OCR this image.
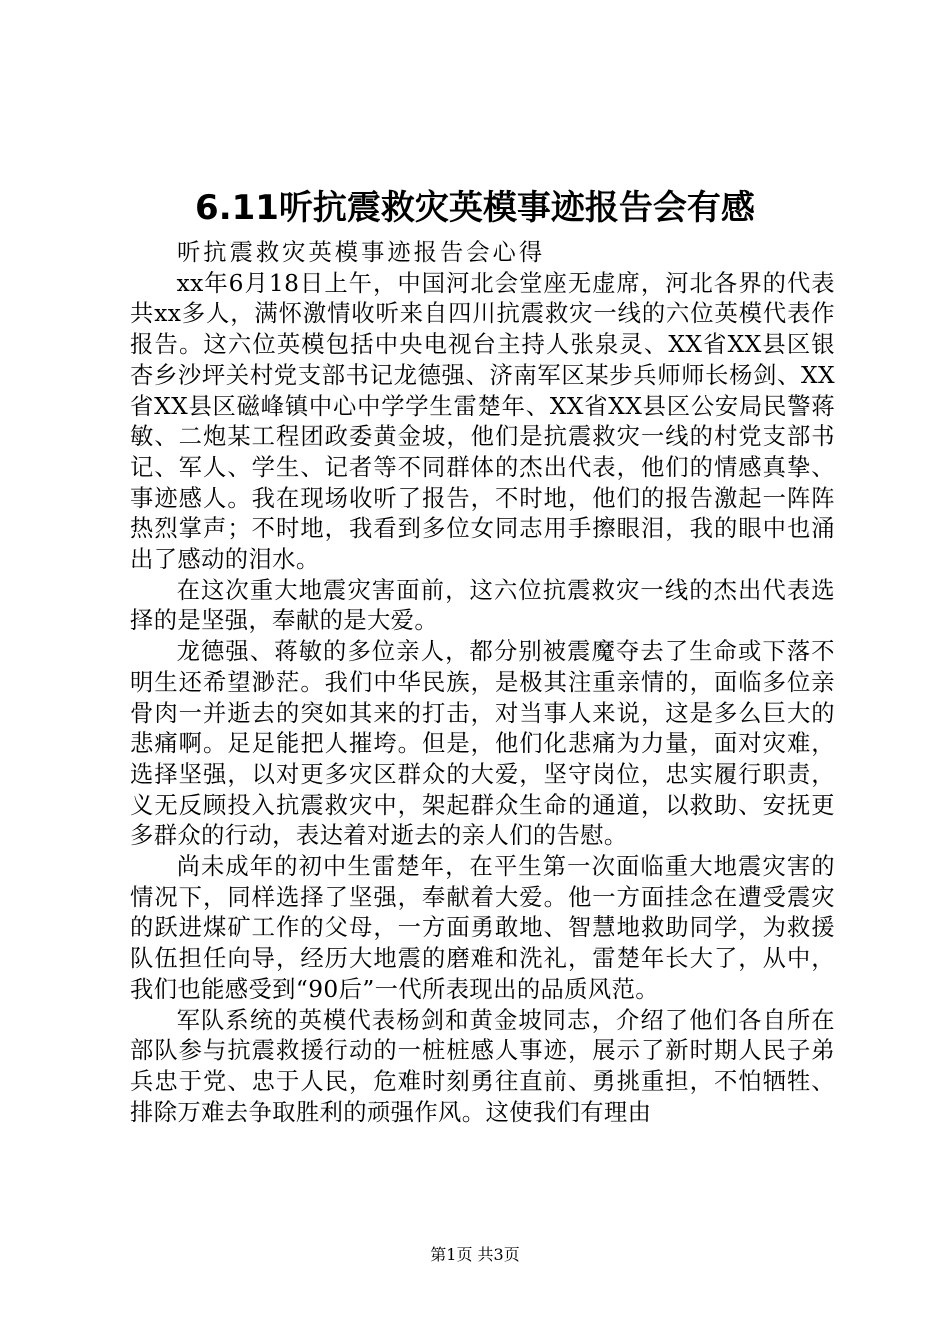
6.11听抗震救灾英模事迹报告会有感

听抗震救灾英模事迹报告会心得

xx年6月18日上午，中国河北会堂座无虚席，河北各界的代表共xx多人，满怀激情收听来自四川抗震救灾一线的六位英模代表作报告。这六位英模包括中央电视台主持人张泉灵、XX省XX县区银杏乡沙坪关村党支部书记龙德强、济南军区某步兵师师长杨剑、XX省XX县区磁峰镇中心中学学生雷楚年、XX省XX县区公安局民警蒋敏、二炮某工程团政委黄金坡，他们是抗震救灾一线的村党支部书记、军人、学生、记者等不同群体的杰出代表，他们的情感真挚、事迹感人。我在现场收听了报告，不时地，他们的报告激起一阵阵热烈掌声；不时地，我看到多位女同志用手擦眼泪，我的眼中也涌出了感动的泪水。

在这次重大地震灾害面前，这六位抗震救灾一线的杰出代表选择的是坚强，奉献的是大爱。

龙德强、蒋敏的多位亲人，都分别被震魔夺去了生命或下落不明生还希望渺茫。我们中华民族，是极其注重亲情的，面临多位亲骨肉一并逝去的突如其来的打击，对当事人来说，这是多么巨大的悲痛啊。足足能把人摧垮。但是，他们化悲痛为力量，面对灾难，选择坚强，以对更多灾区群众的大爱，坚守岗位，忠实履行职责，义无反顾投入抗震救灾中，架起群众生命的通道，以救助、安抚更多群众的行动，表达着对逝去的亲人们的告慰。

尚未成年的初中生雷楚年，在平生第一次面临重大地震灾害的情况下，同样选择了坚强，奉献着大爱。他一方面挂念在遭受震灾的跃进煤矿工作的父母，一方面勇敢地、智慧地救助同学，为救援队伍担任向导，经历大地震的磨难和洗礼，雷楚年长大了，从中，我们也能感受到“90后”一代所表现出的品质风范。

军队系统的英模代表杨剑和黄金坡同志，介绍了他们各自所在部队参与抗震救援行动的一桩桩感人事迹，展示了新时期人民子弟兵忠于党、忠于人民，危难时刻勇往直前、勇挑重担，不怕牺牲、排除万难去争取胜利的顽强作风。这使我们有理由

第1页 共3页
